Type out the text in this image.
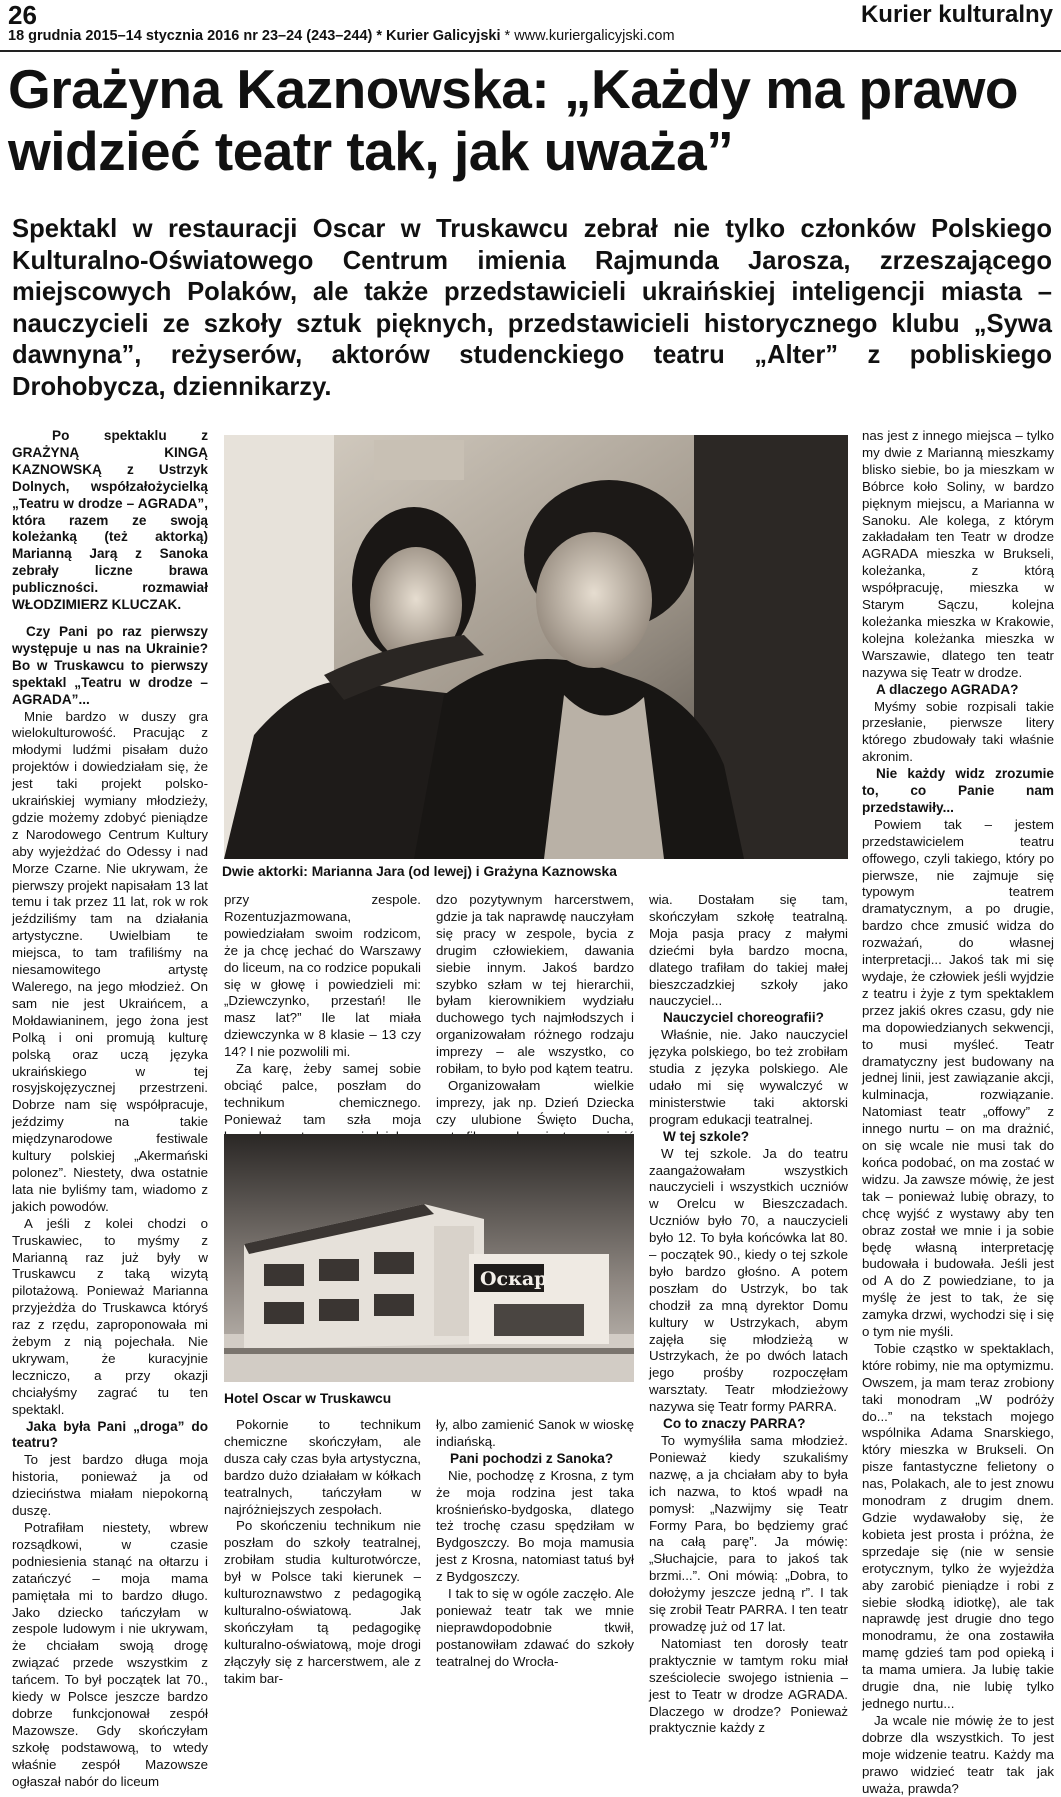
26
18 grudnia 2015–14 stycznia 2016 nr 23–24 (243–244) * Kurier Galicyjski * www.kuriergalicyjski.com
Kurier kulturalny
Grażyna Kaznowska: „Każdy ma prawo
widzieć teatr tak, jak uważa”
Spektakl w restauracji Oscar w Truskawcu zebrał nie tylko członków Polskiego Kulturalno-Oświatowego Centrum imienia Rajmunda Jarosza, zrzeszającego miejscowych Polaków, ale także przedstawicieli ukraińskiej inteligencji miasta – nauczycieli ze szkoły sztuk pięknych, przedstawicieli historycznego klubu „Sywa dawnyna”, reżyserów, aktorów studenckiego teatru „Alter” z pobliskiego Drohobycza, dziennikarzy.

Po spektaklu z GRAŻYNĄ KINGĄ KAZNOWSKĄ z Ustrzyk Dolnych, współzałożycielką „Teatru w drodze – AGRADA”, która razem ze swoją koleżanką (też aktorką) Marianną Jarą z Sanoka zebrały liczne brawa publiczności. rozmawiał WŁODZIMIERZ KLUCZAK.

Czy Pani po raz pierwszy występuje u nas na Ukrainie? Bo w Truskawcu to pierwszy spektakl „Teatru w drodze – AGRADA”...

Mnie bardzo w duszy gra wielokulturowość. Pracując z młodymi ludźmi pisałam dużo projektów i dowiedziałam się, że jest taki projekt polsko-ukraińskiej wymiany młodzieży, gdzie możemy zdobyć pieniądze z Narodowego Centrum Kultury aby wyjeżdżać do Odessy i nad Morze Czarne. Nie ukrywam, że pierwszy projekt napisałam 13 lat temu i tak przez 11 lat, rok w rok jeździliśmy tam na działania artystyczne. Uwielbiam te miejsca, to tam trafiliśmy na niesamowitego artystę Walerego, na jego młodzież. On sam nie jest Ukraińcem, a Mołdawianinem, jego żona jest Polką i oni promują kulturę polską oraz uczą języka ukraińskiego w tej rosyjskojęzycznej przestrzeni. Dobrze nam się współpracuje, jeździmy na takie międzynarodowe festiwale kultury polskiej „Akermański polonez”. Niestety, dwa ostatnie lata nie byliśmy tam, wiadomo z jakich powodów.

A jeśli z kolei chodzi o Truskawiec, to myśmy z Marianną raz już były w Truskawcu z taką wizytą pilotażową. Ponieważ Marianna przyjeżdża do Truskawca któryś raz z rzędu, zaproponowała mi żebym z nią pojechała. Nie ukrywam, że kuracyjnie leczniczo, a przy okazji chciałyśmy zagrać tu ten spektakl.

Jaka była Pani „droga” do teatru?

To jest bardzo długa moja historia, ponieważ ja od dzieciństwa miałam niepokorną duszę.

Potrafiłam niestety, wbrew rozsądkowi, w czasie podniesienia stanąć na ołtarzu i zatańczyć – moja mama pamiętała mi to bardzo długo. Jako dziecko tańczyłam w zespole ludowym i nie ukrywam, że chciałam swoją drogę związać przede wszystkim z tańcem. To był początek lat 70., kiedy w Polsce jeszcze bardzo dobrze funkcjonował zespół Mazowsze. Gdy skończyłam szkołę podstawową, to wtedy właśnie zespół Mazowsze ogłaszał nabór do liceum

Dwie aktorki: Marianna Jara (od lewej) i Grażyna Kaznowska

przy zespole. Rozentuzjazmowana, powiedziałam swoim rodzicom, że ja chcę jechać do Warszawy do liceum, na co rodzice popukali się w głowę i powiedzieli mi: „Dziewczynko, przestań! Ile masz lat?” Ile lat miała dziewczynka w 8 klasie – 13 czy 14? I nie pozwolili mi.

Za karę, żeby samej sobie obciąć palce, poszłam do technikum chemicznego. Ponieważ tam szła moja

dzo pozytywnym harcerstwem, gdzie ja tak naprawdę nauczyłam się pracy w zespole, bycia z drugim człowiekiem, dawania siebie innym. Jakoś bardzo szybko szłam w tej hierarchii, byłam kierownikiem wydziału duchowego tych najmłodszych i organizowałam różnego rodzaju imprezy – ale wszystko, co robiłam, to było pod kątem teatru.

Organizowałam wielkie imprezy, jak np. Dzień Dziecka czy ulubione Święto Ducha,

Оскар
Hotel Oscar w Truskawcu

Pokornie to technikum chemiczne skończyłam, ale dusza cały czas była artystyczna, bardzo dużo działałam w kółkach teatralnych, tańczyłam w najróżniejszych zespołach.

Po skończeniu technikum nie poszłam do szkoły teatralnej, zrobiłam studia kulturotwórcze, był w Polsce taki kierunek – kulturoznawstwo z pedagogiką kulturalno-oświatową. Jak skończyłam tą pedagogikę kulturalno-oświatową, moje drogi złączyły się z harcerstwem, ale z takim bar-

ły, albo zamienić Sanok w wioskę indiańską.

Pani pochodzi z Sanoka?

Nie, pochodzę z Krosna, z tym że moja rodzina jest taka krośnieńsko-bydgoska, dlatego też trochę czasu spędziłam w Bydgoszczy. Bo moja mamusia jest z Krosna, natomiast tatuś był z Bydgoszczy.

I tak to się w ogóle zaczęło. Ale ponieważ teatr tak we mnie nieprawdopodobnie tkwił, postanowiłam zdawać do szkoły teatralnej do Wrocła-

wia. Dostałam się tam, skończyłam szkołę teatralną. Moja pasja pracy z małymi dziećmi była bardzo mocna, dlatego trafiłam do takiej małej bieszczadzkiej szkoły jako nauczyciel...

Nauczyciel choreografii?

Właśnie, nie. Jako nauczyciel języka polskiego, bo też zrobiłam studia z języka polskiego. Ale udało mi się wywalczyć w ministerstwie taki aktorski program edukacji teatralnej.

W tej szkole?

W tej szkole. Ja do teatru zaangażowałam wszystkich nauczycieli i wszystkich uczniów w Orelcu w Bieszczadach. Uczniów było 70, a nauczycieli było 12. To była końcówka lat 80. – początek 90., kiedy o tej szkole było bardzo głośno. A potem poszłam do Ustrzyk, bo tak chodził za mną dyrektor Domu kultury w Ustrzykach, abym zajęła się młodzieżą w Ustrzykach, że po dwóch latach jego prośby rozpoczęłam warsztaty. Teatr młodzieżowy nazywa się Teatr formy PARRA.

Co to znaczy PARRA?

To wymyśliła sama młodzież. Ponieważ kiedy szukaliśmy nazwę, a ja chciałam aby to była ich nazwa, to ktoś wpadł na pomysł: „Nazwijmy się Teatr Formy Para, bo będziemy grać na całą parę”. Ja mówię: „Słuchajcie, para to jakoś tak brzmi...”. Oni mówią: „Dobra, to dołożymy jeszcze jedną r”. I tak się zrobił Teatr PARRA. I ten teatr prowadzę już od 17 lat.

Natomiast ten dorosły teatr praktycznie w tamtym roku miał sześciolecie swojego istnienia – jest to Teatr w drodze AGRADA. Dlaczego w drodze? Ponieważ praktycznie każdy z

nas jest z innego miejsca – tylko my dwie z Marianną mieszkamy blisko siebie, bo ja mieszkam w Bóbrce koło Soliny, w bardzo pięknym miejscu, a Marianna w Sanoku. Ale kolega, z którym zakładałam ten Teatr w drodze AGRADA mieszka w Brukseli, koleżanka, z którą współpracuję, mieszka w Starym Sączu, kolejna koleżanka mieszka w Krakowie, kolejna koleżanka mieszka w Warszawie, dlatego ten teatr nazywa się Teatr w drodze.

A dlaczego AGRADA?

Myśmy sobie rozpisali takie przesłanie, pierwsze litery którego zbudowały taki właśnie akronim.

Nie każdy widz zrozumie to, co Panie nam przedstawiły...

Powiem tak – jestem przedstawicielem teatru offowego, czyli takiego, który po pierwsze, nie zajmuje się typowym teatrem dramatycznym, a po drugie, bardzo chce zmusić widza do rozważań, do własnej interpretacji... Jakoś tak mi się wydaje, że człowiek jeśli wyjdzie z teatru i żyje z tym spektaklem przez jakiś okres czasu, gdy nie ma dopowiedzianych sekwencji, to musi myśleć. Teatr dramatyczny jest budowany na jednej linii, jest zawiązanie akcji, kulminacja, rozwiązanie. Natomiast teatr „offowy” z innego nurtu – on ma drażnić, on się wcale nie musi tak do końca podobać, on ma zostać w widzu. Ja zawsze mówię, że jest tak – ponieważ lubię obrazy, to chcę wyjść z wystawy aby ten obraz został we mnie i ja sobie będę własną interpretację budowała i budowała. Jeśli jest od A do Z powiedziane, to ja myślę że jest to tak, że się zamyka drzwi, wychodzi się i się o tym nie myśli.

Tobie cząstko w spektaklach, które robimy, nie ma optymizmu. Owszem, ja mam teraz zrobiony taki monodram „W podróży do...” na tekstach mojego wspólnika Adama Snarskiego, który mieszka w Brukseli. On pisze fantastyczne felietony o nas, Polakach, ale to jest znowu monodram z drugim dnem. Gdzie wydawałoby się, że kobieta jest prosta i próżna, że sprzedaje się (nie w sensie erotycznym, tylko że wyjeżdża aby zarobić pieniądze i robi z siebie słodką idiotkę), ale tak naprawdę jest drugie dno tego monodramu, że ona zostawiła mamę gdzieś tam pod opieką i ta mama umiera. Ja lubię takie drugie dna, nie lubię tylko jednego nurtu...

Ja wcale nie mówię że to jest dobrze dla wszystkich. To jest moje widzenie teatru. Każdy ma prawo widzieć teatr tak jak uważa, prawda?
